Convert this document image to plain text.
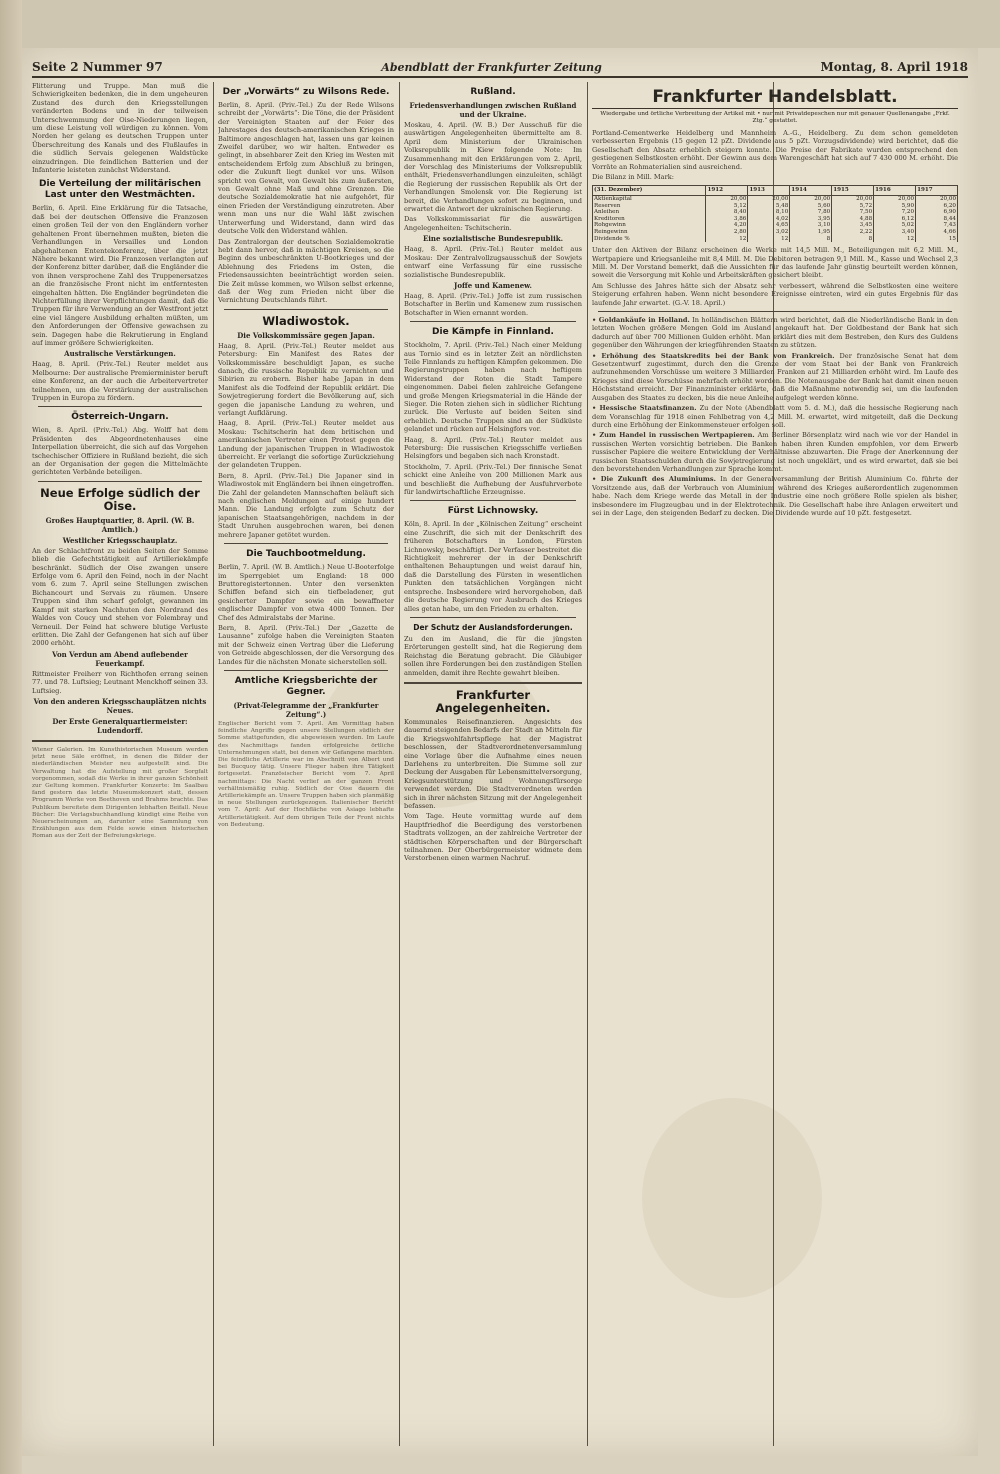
Seite 2 Nummer 97	Abendblatt der Frankfurter Zeitung	Montag, 8. April 1918

Flitterung und Truppe. Man muß die Schwierigkeiten bedenken, die in dem ungeheuren Zustand des durch den Kriegsstellungen veränderten Bodens und in der teilweisen Unterschwemmung der Oise-Niederungen liegen, um diese Leistung voll würdigen zu können. Vom Norden her gelang es deutschen Truppen unter Überschreitung des Kanals und des Flußlaufes in die südlich Servais gelegenen Waldstücke einzudringen. Die feindlichen Batterien und der Infanterie leisteten zunächst Widerstand.

Die Verteilung der militärischen Last unter den Westmächten.

Berlin, 6. April. Eine Erklärung für die Tatsache, daß bei der deutschen Offensive die Franzosen einen großen Teil der von den Engländern vorher gehaltenen Front übernehmen mußten, bieten die Verhandlungen in Versailles und London abgehaltenen Ententekonferenz, über die jetzt Nähere bekannt wird. Die Franzosen verlangten auf der Konferenz bitter darüber, daß die Engländer die von ihnen versprochene Zahl des Truppenersatzes an die französische Front nicht im entferntesten eingehalten hätten. Die Engländer begründeten die Nichterfüllung ihrer Verpflichtungen damit, daß die Truppen für ihre Verwendung an der Westfront jetzt eine viel längere Ausbildung erhalten müßten, um den Anforderungen der Offensive gewachsen zu sein. Dagegen habe die Rekrutierung in England auf immer größere Schwierigkeiten.

Australische Verstärkungen.

Haag, 8. April. (Priv.-Tel.) Reuter meldet aus Melbourne: Der australische Premierminister beruft eine Konferenz, an der auch die Arbeitervertreter teilnehmen, um die Verstärkung der australischen Truppen in Europa zu fördern.

Österreich-Ungarn.

Wien, 8. April. (Priv.-Tel.) Abg. Wolff hat dem Präsidenten des Abgeordnetenhauses eine Interpellation überreicht, die sich auf das Vorgehen tschechischer Offiziere in Rußland bezieht, die sich an der Organisation der gegen die Mittelmächte gerichteten Verbände beteiligen.

Neue Erfolge südlich der Oise.
Großes Hauptquartier, 8. April. (W. B. Amtlich.)
Westlicher Kriegsschauplatz.

An der Schlachtfront zu beiden Seiten der Somme blieb die Gefechtstätigkeit auf Artilleriekämpfe beschränkt. Südlich der Oise zwangen unsere Erfolge vom 6. April den Feind, noch in der Nacht vom 6. zum 7. April seine Stellungen zwischen Bichancourt und Servais zu räumen. Unsere Truppen sind ihm scharf gefolgt, gewannen im Kampf mit starken Nachhuten den Nordrand des Waldes von Coucy und stehen vor Folembray und Verneuil. Der Feind hat schwere blutige Verluste erlitten. Die Zahl der Gefangenen hat sich auf über 2000 erhöht.

Von Verdun am Abend auflebender Feuerkampf.

Rittmeister Freiherr von Richthofen errang seinen 77. und 78. Luftsieg; Leutnant Menckhoff seinen 33. Luftsieg.

Von den anderen Kriegsschauplätzen nichts Neues.

Der Erste Generalquartiermeister: Ludendorff.

Wiener Galerien. Im Kunsthistorischen Museum werden jetzt neue Säle eröffnet, in denen die Bilder der niederländischen Meister neu aufgestellt sind. Die Verwaltung hat die Aufstellung mit großer Sorgfalt vorgenommen, sodaß die Werke in ihrer ganzen Schönheit zur Geltung kommen. Frankfurter Konzerte: Im Saalbau fand gestern das letzte Museumskonzert statt, dessen Programm Werke von Beethoven und Brahms brachte. Das Publikum bereitete dem Dirigenten lebhaften Beifall. Neue Bücher: Die Verlagsbuchhandlung kündigt eine Reihe von Neuerscheinungen an, darunter eine Sammlung von Erzählungen aus dem Felde sowie einen historischen Roman aus der Zeit der Befreiungskriege.

Der „Vorwärts“ zu Wilsons Rede.

Berlin, 8. April. (Priv.-Tel.) Zu der Rede Wilsons schreibt der „Vorwärts“: Die Töne, die der Präsident der Vereinigten Staaten auf der Feier des Jahrestages des deutsch-amerikanischen Krieges in Baltimore angeschlagen hat, lassen uns gar keinen Zweifel darüber, wo wir halten. Entweder es gelingt, in absehbarer Zeit den Krieg im Westen mit entscheidendem Erfolg zum Abschluß zu bringen, oder die Zukunft liegt dunkel vor uns. Wilson spricht von Gewalt, von Gewalt bis zum äußersten, von Gewalt ohne Maß und ohne Grenzen. Die deutsche Sozialdemokratie hat nie aufgehört, für einen Frieden der Verständigung einzutreten. Aber wenn man uns nur die Wahl läßt zwischen Unterwerfung und Widerstand, dann wird das deutsche Volk den Widerstand wählen.

Das Zentralorgan der deutschen Sozialdemokratie hebt dann hervor, daß in mächtigen Kreisen, so die Beginn des unbeschränkten U-Bootkrieges und der Ablehnung des Friedens im Osten, die Friedensaussichten beeinträchtigt worden seien. Die Zeit müsse kommen, wo Wilson selbst erkenne, daß der Weg zum Frieden nicht über die Vernichtung Deutschlands führt.

Wladiwostok.
Die Volkskommissäre gegen Japan.

Haag, 8. April. (Priv.-Tel.) Reuter meldet aus Petersburg: Ein Manifest des Rates der Volkskommissäre beschuldigt Japan, es suche danach, die russische Republik zu vernichten und Sibirien zu erobern. Bisher habe Japan in dem Manifest als die Todfeind der Republik erklärt. Die Sowjetregierung fordert die Bevölkerung auf, sich gegen die japanische Landung zu wehren, und verlangt Aufklärung.

Haag, 8. April. (Priv.-Tel.) Reuter meldet aus Moskau: Tschitscherin hat dem britischen und amerikanischen Vertreter einen Protest gegen die Landung der japanischen Truppen in Wladiwostok überreicht. Er verlangt die sofortige Zurückziehung der gelandeten Truppen.

Bern, 8. April. (Priv.-Tel.) Die Japaner sind in Wladiwostok mit Engländern bei ihnen eingetroffen. Die Zahl der gelandeten Mannschaften beläuft sich nach englischen Meldungen auf einige hundert Mann. Die Landung erfolgte zum Schutz der japanischen Staatsangehörigen, nachdem in der Stadt Unruhen ausgebrochen waren, bei denen mehrere Japaner getötet wurden.

Die Tauchbootmeldung.

Berlin, 7. April. (W. B. Amtlich.) Neue U-Booterfolge im Sperrgebiet um England: 18 000 Bruttoregistertonnen. Unter den versenkten Schiffen befand sich ein tiefbeladener, gut gesicherter Dampfer sowie ein bewaffneter englischer Dampfer von etwa 4000 Tonnen. Der Chef des Admiralstabs der Marine.

Bern, 8. April. (Priv.-Tel.) Der „Gazette de Lausanne“ zufolge haben die Vereinigten Staaten mit der Schweiz einen Vertrag über die Lieferung von Getreide abgeschlossen, der die Versorgung des Landes für die nächsten Monate sicherstellen soll.

Amtliche Kriegsberichte der Gegner.
(Privat-Telegramme der „Frankfurter Zeitung“.)

Englischer Bericht vom 7. April. Am Vormittag haben feindliche Angriffe gegen unsere Stellungen südlich der Somme stattgefunden, die abgewiesen wurden. Im Laufe des Nachmittags fanden erfolgreiche örtliche Unternehmungen statt, bei denen wir Gefangene machten. Die feindliche Artillerie war im Abschnitt von Albert und bei Bucquoy tätig. Unsere Flieger haben ihre Tätigkeit fortgesetzt. Französischer Bericht vom 7. April nachmittags: Die Nacht verlief an der ganzen Front verhältnismäßig ruhig. Südlich der Oise dauern die Artilleriekämpfe an. Unsere Truppen haben sich planmäßig in neue Stellungen zurückgezogen. Italienischer Bericht vom 7. April: Auf der Hochfläche von Asiago lebhafte Artillerietätigkeit. Auf dem übrigen Teile der Front nichts von Bedeutung.

Rußland.
Friedensverhandlungen zwischen Rußland und der Ukraine.

Moskau, 4. April. (W. B.) Der Ausschuß für die auswärtigen Angelegenheiten übermittelte am 8. April dem Ministerium der Ukrainischen Volksrepublik in Kiew folgende Note: Im Zusammenhang mit den Erklärungen vom 2. April, der Vorschlag des Ministeriums der Volksrepublik enthält, Friedensverhandlungen einzuleiten, schlägt die Regierung der russischen Republik als Ort der Verhandlungen Smolensk vor. Die Regierung ist bereit, die Verhandlungen sofort zu beginnen, und erwartet die Antwort der ukrainischen Regierung.

Das Volkskommissariat für die auswärtigen Angelegenheiten: Tschitscherin.

Eine sozialistische Bundesrepublik.

Haag, 8. April. (Priv.-Tel.) Reuter meldet aus Moskau: Der Zentralvollzugsausschuß der Sowjets entwarf eine Verfassung für eine russische sozialistische Bundesrepublik.

Joffe und Kamenew.

Haag, 8. April. (Priv.-Tel.) Joffe ist zum russischen Botschafter in Berlin und Kamenew zum russischen Botschafter in Wien ernannt worden.

Die Kämpfe in Finnland.

Stockholm, 7. April. (Priv.-Tel.) Nach einer Meldung aus Tornio sind es in letzter Zeit an nördlichsten Teile Finnlands zu heftigen Kämpfen gekommen. Die Regierungstruppen haben nach heftigem Widerstand der Roten die Stadt Tampere eingenommen. Dabei fielen zahlreiche Gefangene und große Mengen Kriegsmaterial in die Hände der Sieger. Die Roten ziehen sich in südlicher Richtung zurück. Die Verluste auf beiden Seiten sind erheblich. Deutsche Truppen sind an der Südküste gelandet und rücken auf Helsingfors vor.

Haag, 8. April. (Priv.-Tel.) Reuter meldet aus Petersburg: Die russischen Kriegsschiffe verließen Helsingfors und begaben sich nach Kronstadt.

Stockholm, 7. April. (Priv.-Tel.) Der finnische Senat schickt eine Anleihe von 200 Millionen Mark aus und beschließt die Aufhebung der Ausfuhrverbote für landwirtschaftliche Erzeugnisse.

Fürst Lichnowsky.

Köln, 8. April. In der „Kölnischen Zeitung“ erscheint eine Zuschrift, die sich mit der Denkschrift des früheren Botschafters in London, Fürsten Lichnowsky, beschäftigt. Der Verfasser bestreitet die Richtigkeit mehrerer der in der Denkschrift enthaltenen Behauptungen und weist darauf hin, daß die Darstellung des Fürsten in wesentlichen Punkten den tatsächlichen Vorgängen nicht entspreche. Insbesondere wird hervorgehoben, daß die deutsche Regierung vor Ausbruch des Krieges alles getan habe, um den Frieden zu erhalten.

Der Schutz der Auslandsforderungen.

Zu den im Ausland, die für die jüngsten Erörterungen gestellt sind, hat die Regierung dem Reichstag die Beratung gebracht. Die Gläubiger sollen ihre Forderungen bei den zuständigen Stellen anmelden, damit ihre Rechte gewahrt bleiben.

Frankfurter Angelegenheiten.

Kommunales Reisefinanzieren. Angesichts des dauernd steigenden Bedarfs der Stadt an Mitteln für die Kriegswohlfahrtspflege hat der Magistrat beschlossen, der Stadtverordnetenversammlung eine Vorlage über die Aufnahme eines neuen Darlehens zu unterbreiten. Die Summe soll zur Deckung der Ausgaben für Lebensmittelversorgung, Kriegsunterstützung und Wohnungsfürsorge verwendet werden. Die Stadtverordneten werden sich in ihrer nächsten Sitzung mit der Angelegenheit befassen.

Vom Tage. Heute vormittag wurde auf dem Hauptfriedhof die Beerdigung des verstorbenen Stadtrats vollzogen, an der zahlreiche Vertreter der städtischen Körperschaften und der Bürgerschaft teilnahmen. Der Oberbürgermeister widmete dem Verstorbenen einen warmen Nachruf.

Frankfurter Handelsblatt.
Wiedergabe und örtliche Verbreitung der Artikel mit • nur mit Privatdepeschen nur mit genauer Quellenangabe „Frkf. Ztg.“ gestattet.

Portland-Cementwerke Heidelberg und Mannheim A.-G., Heidelberg. Zu dem schon gemeldeten verbesserten Ergebnis (15 gegen 12 pZt. Dividende aus 5 pZt. Vorzugsdividende) wird berichtet, daß die Gesellschaft den Absatz erheblich steigern konnte. Die Preise der Fabrikate wurden entsprechend den gestiegenen Selbstkosten erhöht. Der Gewinn aus dem Warengeschäft hat sich auf 7 430 000 M. erhöht. Die Vorräte an Rohmaterialien sind ausreichend.

Die Bilanz in Mill. Mark:

(31. Dezember)	1912	1913	1914	1915	1916	1917
Aktienkapital	20,00	20,00	20,00	20,00	20,00	20,00
Reserven	5,12	5,48	5,60	5,72	5,90	6,20
Anleihen	8,40	8,10	7,80	7,50	7,20	6,90
Kreditoren	3,86	4,02	3,95	4,88	6,12	8,44
Rohgewinn	4,20	4,65	3,10	3,45	5,02	7,43
Reingewinn	2,80	3,02	1,95	2,22	3,40	4,66
Dividende %	12	12	8	8	12	15

Unter den Aktiven der Bilanz erscheinen die Werke mit 14,5 Mill. M., Beteiligungen mit 6,2 Mill. M., Wertpapiere und Kriegsanleihe mit 8,4 Mill. M. Die Debitoren betragen 9,1 Mill. M., Kasse und Wechsel 2,3 Mill. M. Der Vorstand bemerkt, daß die Aussichten für das laufende Jahr günstig beurteilt werden können, soweit die Versorgung mit Kohle und Arbeitskräften gesichert bleibt.

Am Schlusse des Jahres hätte sich der Absatz sehr verbessert, während die Selbstkosten eine weitere Steigerung erfahren haben. Wenn nicht besondere Ereignisse eintreten, wird ein gutes Ergebnis für das laufende Jahr erwartet. (G.-V. 18. April.)

• Goldankäufe in Holland. In holländischen Blättern wird berichtet, daß die Niederländische Bank in den letzten Wochen größere Mengen Gold im Ausland angekauft hat. Der Goldbestand der Bank hat sich dadurch auf über 700 Millionen Gulden erhöht. Man erklärt dies mit dem Bestreben, den Kurs des Guldens gegenüber den Währungen der kriegführenden Staaten zu stützen.

• Erhöhung des Staatskredits bei der Bank von Frankreich. Der französische Senat hat dem Gesetzentwurf zugestimmt, durch den die Grenze der vom Staat bei der Bank von Frankreich aufzunehmenden Vorschüsse um weitere 3 Milliarden Franken auf 21 Milliarden erhöht wird. Im Laufe des Krieges sind diese Vorschüsse mehrfach erhöht worden. Die Notenausgabe der Bank hat damit einen neuen Höchststand erreicht. Der Finanzminister erklärte, daß die Maßnahme notwendig sei, um die laufenden Ausgaben des Staates zu decken, bis die neue Anleihe aufgelegt werden könne.

• Hessische Staatsfinanzen. Zu der Note (Abendblatt vom 5. d. M.), daß die hessische Regierung nach dem Voranschlag für 1918 einen Fehlbetrag von 4,2 Mill. M. erwartet, wird mitgeteilt, daß die Deckung durch eine Erhöhung der Einkommensteuer erfolgen soll.

• Zum Handel in russischen Wertpapieren. Am Berliner Börsenplatz wird nach wie vor der Handel in russischen Werten vorsichtig betrieben. Die Banken haben ihren Kunden empfohlen, vor dem Erwerb russischer Papiere die weitere Entwicklung der Verhältnisse abzuwarten. Die Frage der Anerkennung der russischen Staatsschulden durch die Sowjetregierung ist noch ungeklärt, und es wird erwartet, daß sie bei den bevorstehenden Verhandlungen zur Sprache kommt.

• Die Zukunft des Aluminiums. In der Generalversammlung der British Aluminium Co. führte der Vorsitzende aus, daß der Verbrauch von Aluminium während des Krieges außerordentlich zugenommen habe. Nach dem Kriege werde das Metall in der Industrie eine noch größere Rolle spielen als bisher, insbesondere im Flugzeugbau und in der Elektrotechnik. Die Gesellschaft habe ihre Anlagen erweitert und sei in der Lage, den steigenden Bedarf zu decken. Die Dividende wurde auf 10 pZt. festgesetzt.
